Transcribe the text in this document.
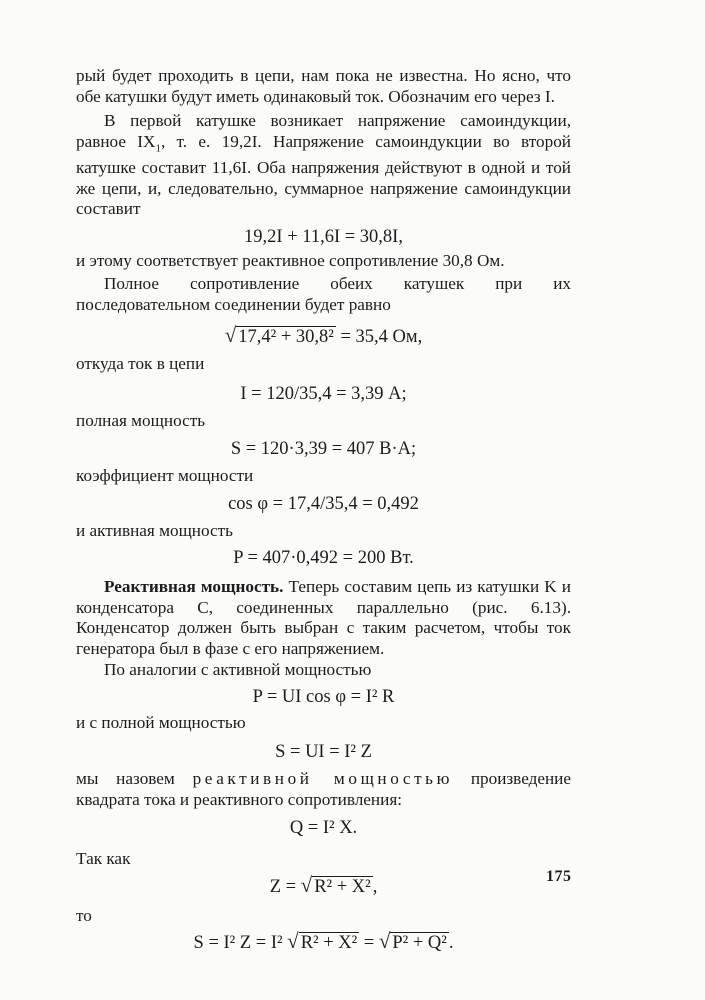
рый будет проходить в цепи, нам пока не известна. Но ясно, что обе катушки будут иметь одинаковый ток. Обозначим его через I.

В первой катушке возникает напряжение самоиндукции, равное $IX_1$, т. е. 19,2I. Напряжение самоиндукции во второй катушке составит 11,6I. Оба напряжения действуют в одной и той же цепи, и, следовательно, суммарное напряжение самоиндукции составит

19,2I + 11,6I = 30,8I,

и этому соответствует реактивное сопротивление 30,8 Ом.

Полное сопротивление обеих катушек при их последовательном соединении будет равно

√ 17,4² + 30,8² = 35,4 Ом,

откуда ток в цепи

I = 120/35,4 = 3,39 А;

полная мощность

S = 120·3,39 = 407 В·А;

коэффициент мощности

cos φ = 17,4/35,4 = 0,492

и активная мощность

P = 407·0,492 = 200 Вт.

Реактивная мощность. Теперь составим цепь из катушки K и конденсатора C, соединенных параллельно (рис. 6.13). Конденсатор должен быть выбран с таким расчетом, чтобы ток генератора был в фазе с его напряжением.

По аналогии с активной мощностью

P = UI cos φ = I² R

и с полной мощностью

S = UI = I² Z

мы назовем реактивной мощностью произведение квадрата тока и реактивного сопротивления:

Q = I² X.

Так как

Z = √ R² + X² ,

то

S = I² Z = I² √ R² + X² = √ P² + Q² .
175
